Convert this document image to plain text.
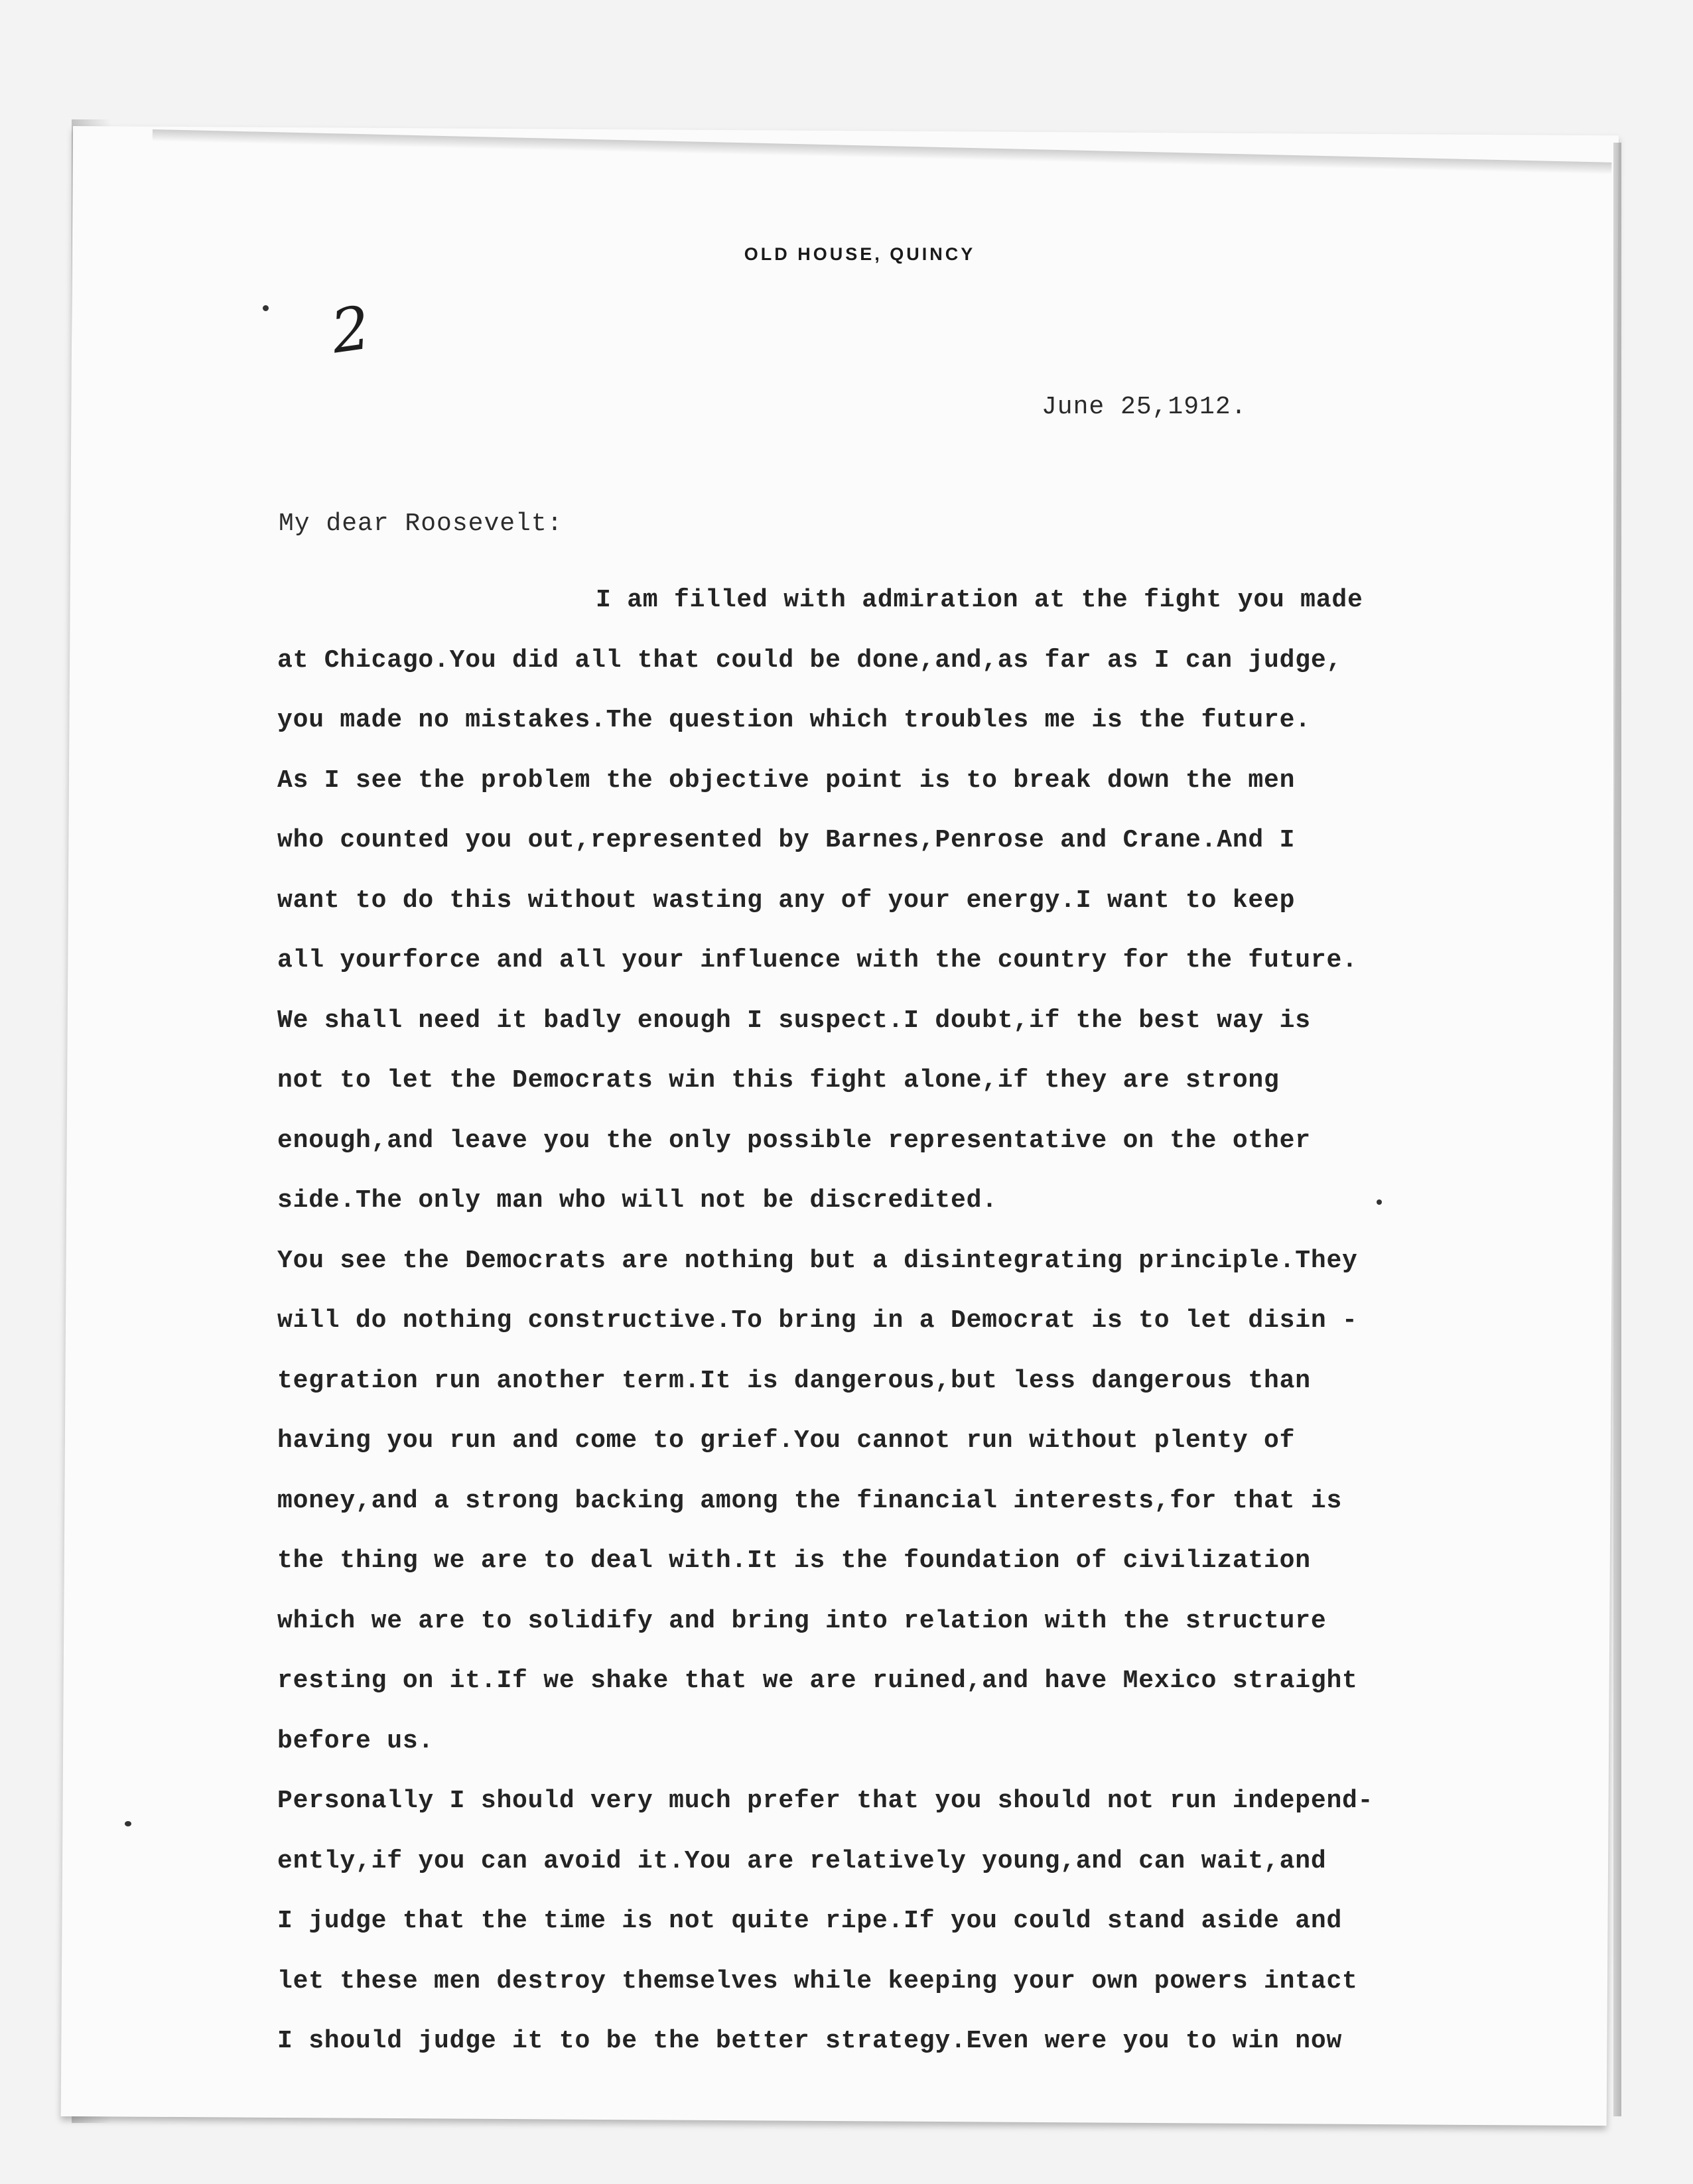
OLD HOUSE, QUINCY
2
June 25,1912.
My dear Roosevelt:
I am filled with admiration at the fight you made
at Chicago.You did all that could be done,and,as far as I can judge,
you made no mistakes.The question which troubles me is the future.
As I see the problem the objective point is to break down the men
who counted you out,represented by Barnes,Penrose and Crane.And I
want to do this without wasting any of your energy.I want to keep
all yourforce and all your influence with the country for the future.
We shall need it badly enough I suspect.I doubt,if the best way is
not to let the Democrats win this fight alone,if they are strong
enough,and leave you the only possible representative on the other
side.The only man who will not be discredited.
You see the Democrats are nothing but a disintegrating principle.They
will do nothing constructive.To bring in a Democrat is to let disin -
tegration run another term.It is dangerous,but less dangerous than
having you run and come to grief.You cannot run without plenty of
money,and a strong backing among the financial interests,for that is
the thing we are to deal with.It is the foundation of civilization
which we are to solidify and bring into relation with the structure
resting on it.If we shake that we are ruined,and have Mexico straight
before us.
Personally I should very much prefer that you should not run independ-
ently,if you can avoid it.You are relatively young,and can wait,and
I judge that the time is not quite ripe.If you could stand aside and
let these men destroy themselves while keeping your own powers intact
I should judge it to be the better strategy.Even were you to win now
